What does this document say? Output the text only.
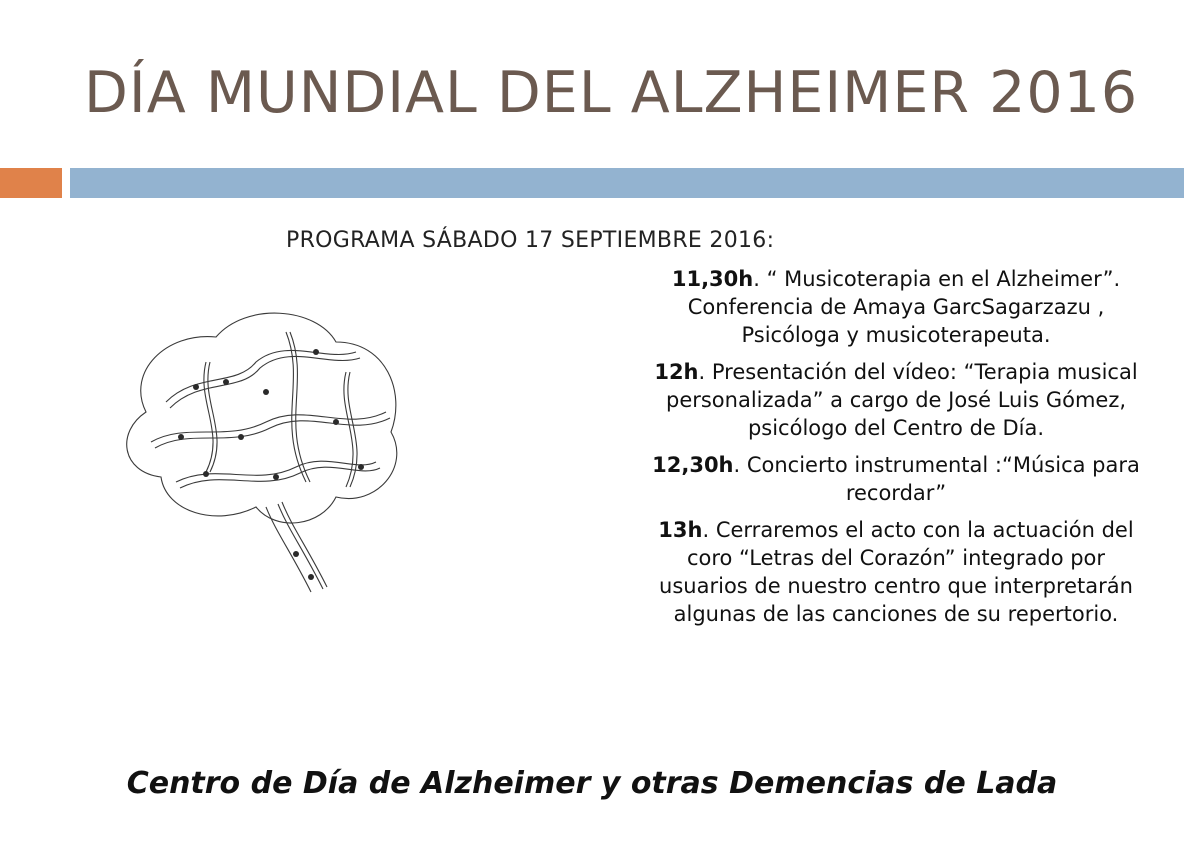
DÍA MUNDIAL DEL ALZHEIMER 2016
PROGRAMA SÁBADO 17 SEPTIEMBRE 2016:
11,30h. “ Musicoterapia en el Alzheimer”. Conferencia de Amaya GarcSagarzazu , Psicóloga y musicoterapeuta.
12h. Presentación del vídeo: “Terapia musical personalizada” a cargo de José Luis Gómez, psicólogo del Centro de Día.
12,30h. Concierto instrumental :“Música para recordar”
13h. Cerraremos el acto con la actuación del coro “Letras del Corazón” integrado por usuarios de nuestro centro que interpretarán algunas de las canciones de su repertorio.
Centro de Día de Alzheimer y otras Demencias de Lada
